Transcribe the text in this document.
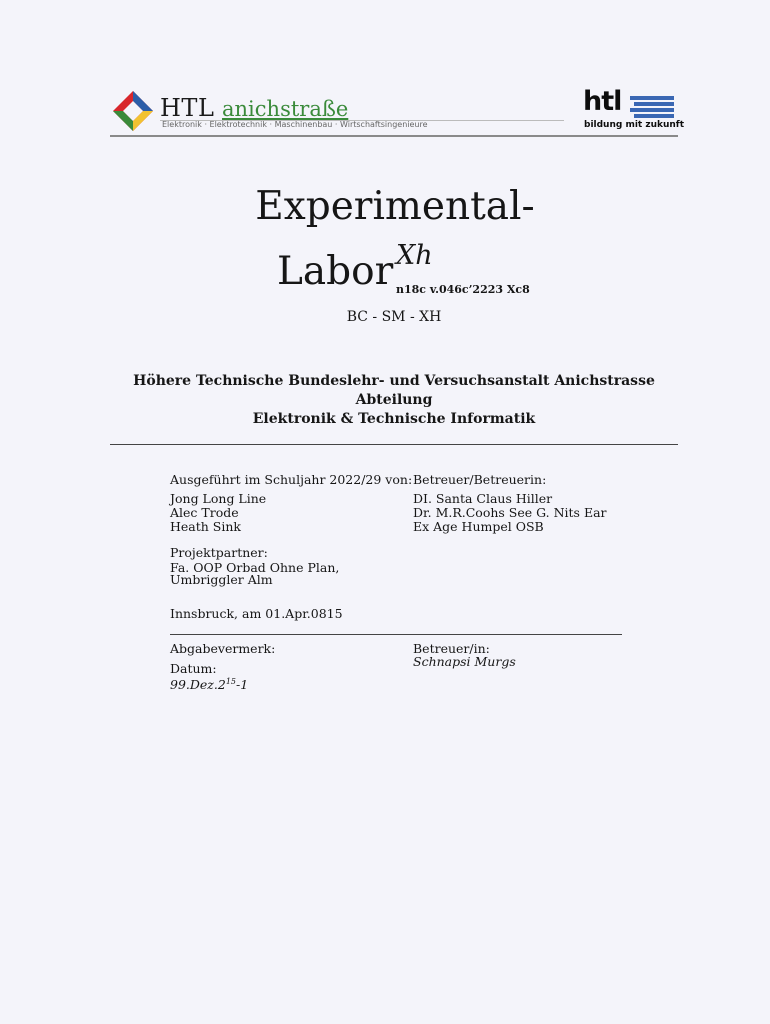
HTL anichstraße
Elektronik · Elektrotechnik · Maschinenbau · Wirtschaftsingenieure
htl
bildung mit zukunft
Experimental-
Labor Xh
n18c v.046c’2223 Xc8
BC - SM - XH
Höhere Technische Bundeslehr- und Versuchsanstalt Anichstrasse
Abteilung
Elektronik & Technische Informatik
Ausgeführt im Schuljahr 2022/29 von: Betreuer/Betreuerin:
Jong Long Line
Alec Trode
Heath Sink
DI. Santa Claus Hiller
Dr. M.R.Coohs See G. Nits Ear
Ex Age Humpel OSB
Projektpartner:
Fa. OOP Orbad Ohne Plan,
Umbriggler Alm
Innsbruck, am 01.Apr.0815
Abgabevermerk:	Betreuer/in:
Schnapsi Murgs
Datum:
$99.Dez.2^{15}-1$
